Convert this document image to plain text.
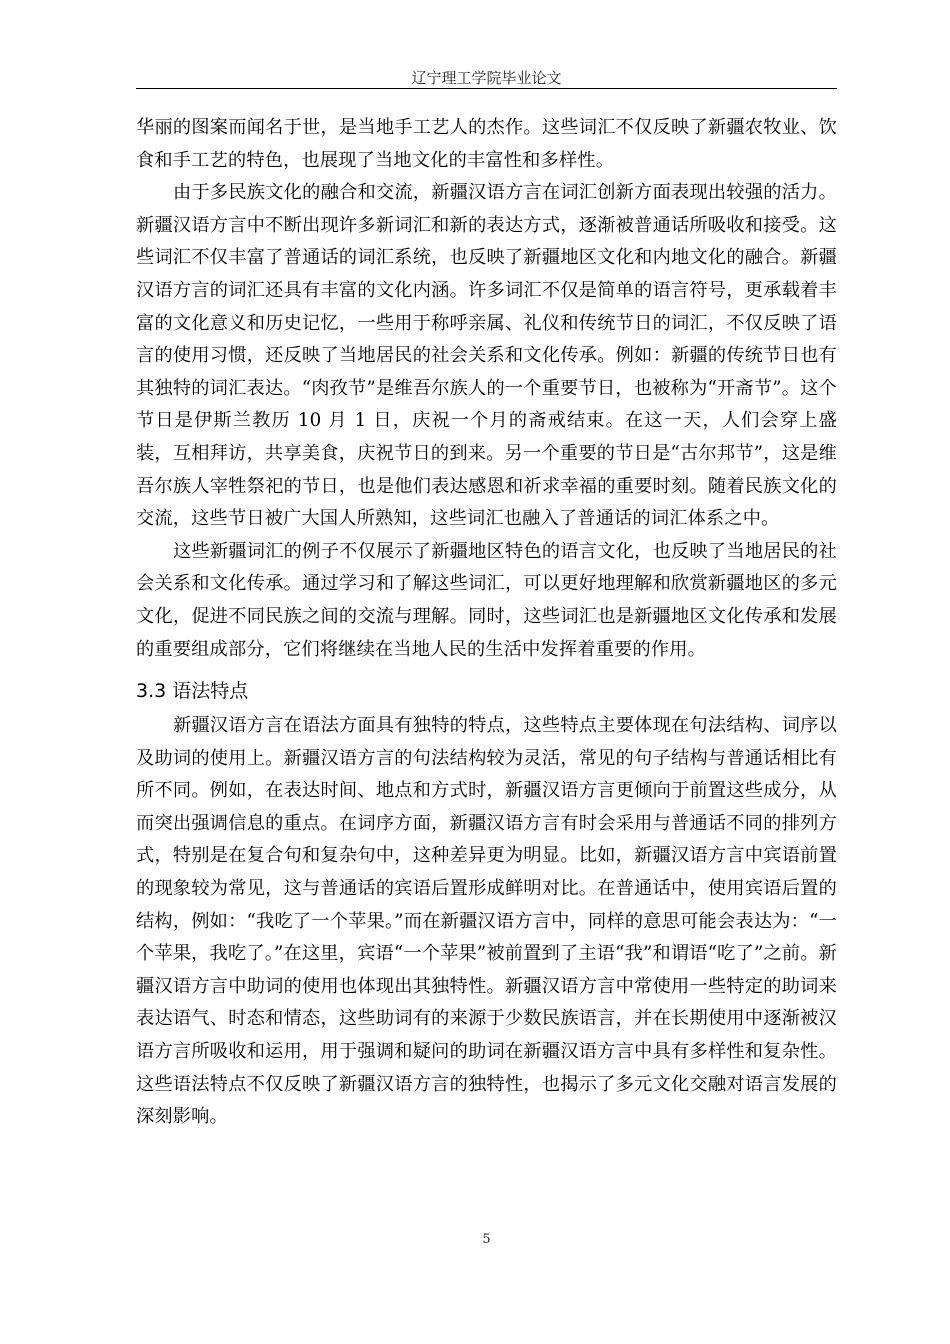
辽宁理工学院毕业论文

华丽的图案而闻名于世，是当地手工艺人的杰作。这些词汇不仅反映了新疆农牧业、饮食和手工艺的特色，也展现了当地文化的丰富性和多样性。

由于多民族文化的融合和交流，新疆汉语方言在词汇创新方面表现出较强的活力。新疆汉语方言中不断出现许多新词汇和新的表达方式，逐渐被普通话所吸收和接受。这些词汇不仅丰富了普通话的词汇系统，也反映了新疆地区文化和内地文化的融合。新疆汉语方言的词汇还具有丰富的文化内涵。许多词汇不仅是简单的语言符号，更承载着丰富的文化意义和历史记忆，一些用于称呼亲属、礼仪和传统节日的词汇，不仅反映了语言的使用习惯，还反映了当地居民的社会关系和文化传承。例如：新疆的传统节日也有其独特的词汇表达。“肉孜节”是维吾尔族人的一个重要节日，也被称为“开斋节”。这个节日是伊斯兰教历 10 月 1 日，庆祝一个月的斋戒结束。在这一天，人们会穿上盛装，互相拜访，共享美食，庆祝节日的到来。另一个重要的节日是“古尔邦节”，这是维吾尔族人宰牲祭祀的节日，也是他们表达感恩和祈求幸福的重要时刻。随着民族文化的交流，这些节日被广大国人所熟知，这些词汇也融入了普通话的词汇体系之中。

这些新疆词汇的例子不仅展示了新疆地区特色的语言文化，也反映了当地居民的社会关系和文化传承。通过学习和了解这些词汇，可以更好地理解和欣赏新疆地区的多元文化，促进不同民族之间的交流与理解。同时，这些词汇也是新疆地区文化传承和发展的重要组成部分，它们将继续在当地人民的生活中发挥着重要的作用。

3.3 语法特点

新疆汉语方言在语法方面具有独特的特点，这些特点主要体现在句法结构、词序以及助词的使用上。新疆汉语方言的句法结构较为灵活，常见的句子结构与普通话相比有所不同。例如，在表达时间、地点和方式时，新疆汉语方言更倾向于前置这些成分，从而突出强调信息的重点。在词序方面，新疆汉语方言有时会采用与普通话不同的排列方式，特别是在复合句和复杂句中，这种差异更为明显。比如，新疆汉语方言中宾语前置的现象较为常见，这与普通话的宾语后置形成鲜明对比。在普通话中，使用宾语后置的结构，例如：“我吃了一个苹果。”而在新疆汉语方言中，同样的意思可能会表达为：“一个苹果，我吃了。”在这里，宾语“一个苹果”被前置到了主语“我”和谓语“吃了”之前。新疆汉语方言中助词的使用也体现出其独特性。新疆汉语方言中常使用一些特定的助词来表达语气、时态和情态，这些助词有的来源于少数民族语言，并在长期使用中逐渐被汉语方言所吸收和运用，用于强调和疑问的助词在新疆汉语方言中具有多样性和复杂性。这些语法特点不仅反映了新疆汉语方言的独特性，也揭示了多元文化交融对语言发展的深刻影响。

5
